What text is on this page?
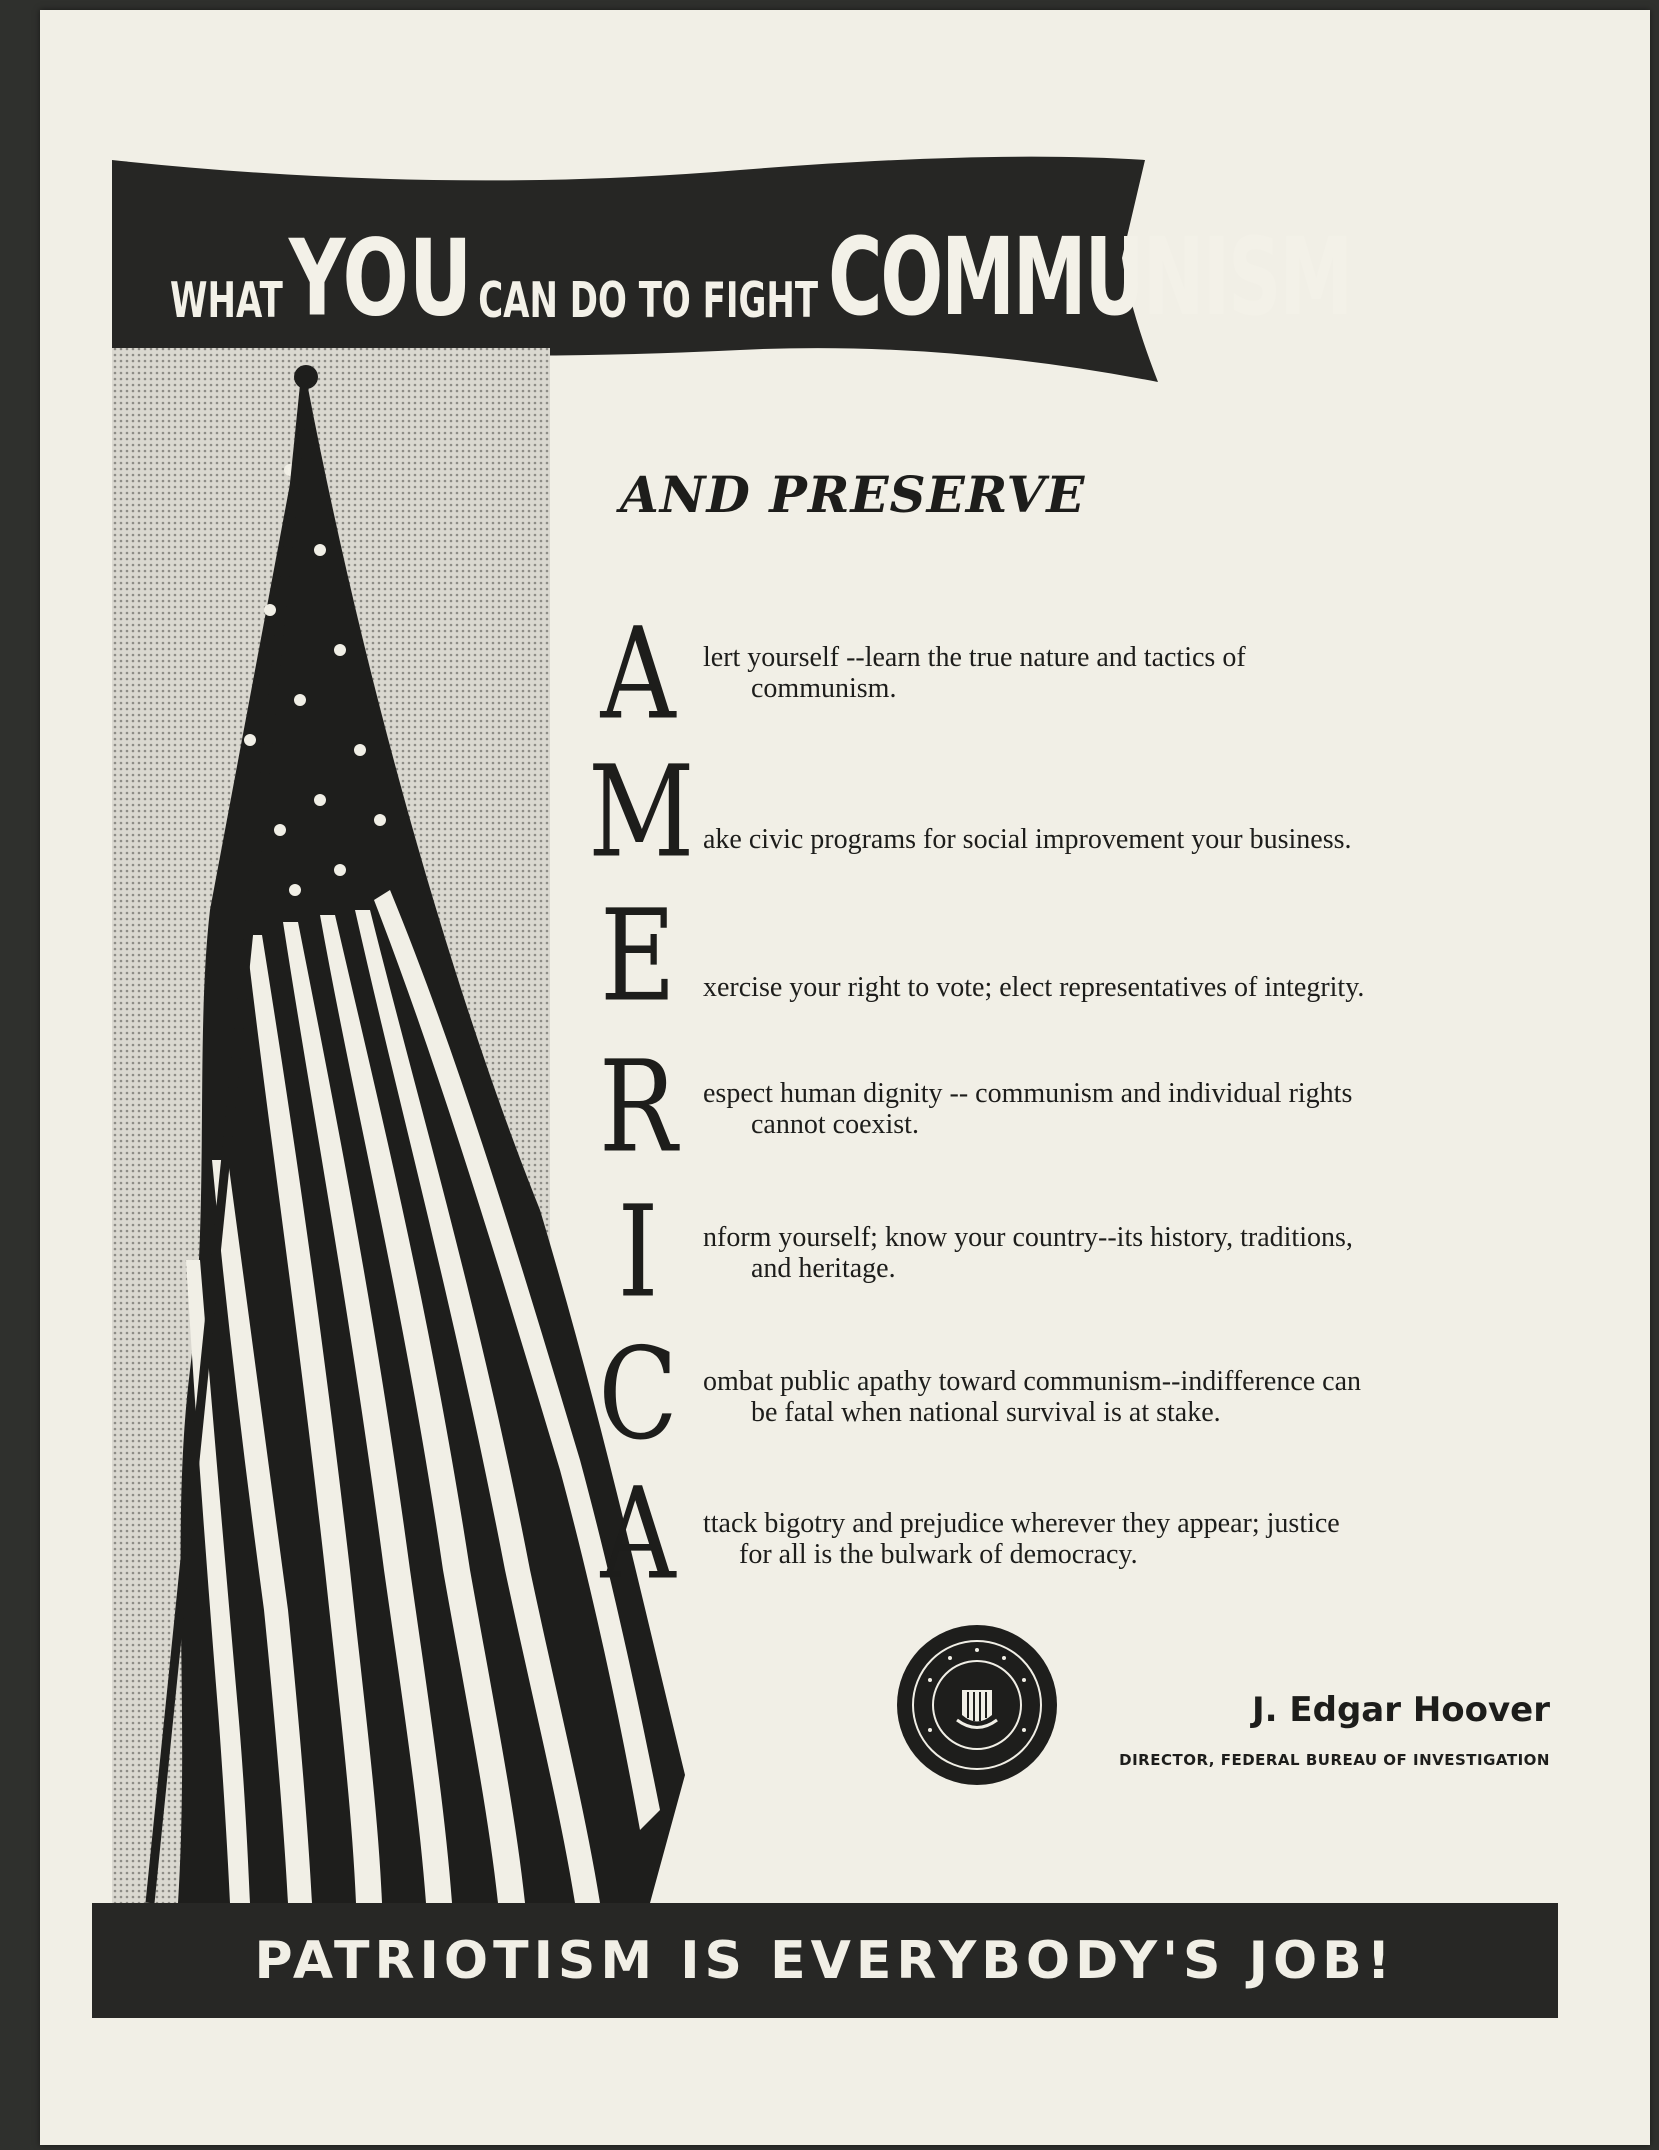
WHAT YOU CAN DO TO FIGHT COMMUNISM
AND PRESERVE
A lert yourself --learn the true nature and tactics of
communism.
M ake civic programs for social improvement your business.
E xercise your right to vote; elect representatives of integrity.
R espect human dignity -- communism and individual rights
cannot coexist.
I	nform yourself; know your country--its history, traditions,
and heritage.
C ombat public apathy toward communism--indifference can
be fatal when national survival is at stake.
A ttack bigotry and prejudice wherever they appear; justice
for all is the bulwark of democracy.
J. Edgar Hoover
DIRECTOR, FEDERAL BUREAU OF INVESTIGATION
PATRIOTISM IS EVERYBODY'S JOB!
